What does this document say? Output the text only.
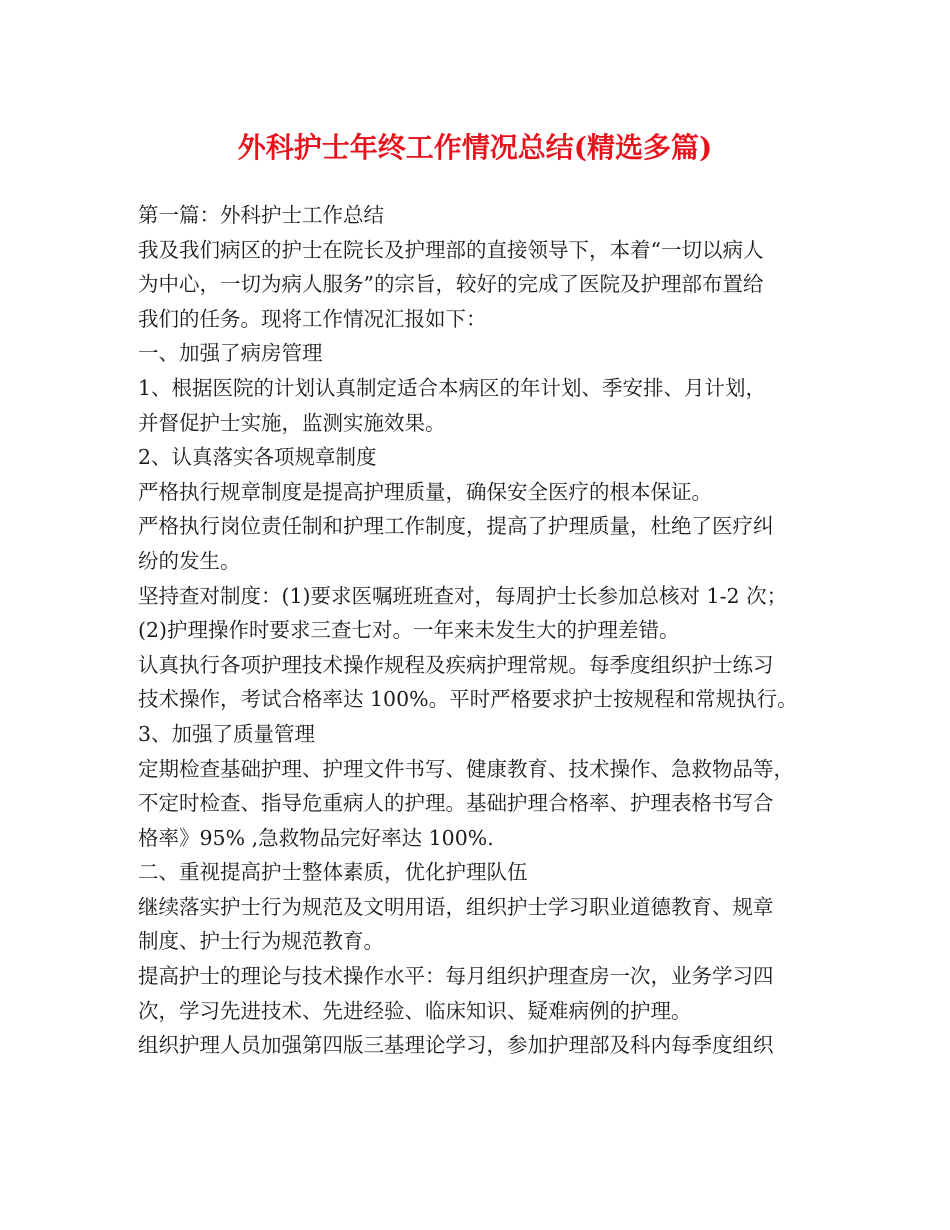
外科护士年终工作情况总结(精选多篇)

第一篇：外科护士工作总结

我及我们病区的护士在院长及护理部的直接领导下，本着“一切以病人

为中心，一切为病人服务”的宗旨，较好的完成了医院及护理部布置给

我们的任务。现将工作情况汇报如下：

一、加强了病房管理

1、根据医院的计划认真制定适合本病区的年计划、季安排、月计划，

并督促护士实施，监测实施效果。

2、认真落实各项规章制度

严格执行规章制度是提高护理质量，确保安全医疗的根本保证。

严格执行岗位责任制和护理工作制度，提高了护理质量，杜绝了医疗纠

纷的发生。

坚持查对制度：(1)要求医嘱班班查对，每周护士长参加总核对 1-2 次；

(2)护理操作时要求三查七对。一年来未发生大的护理差错。

认真执行各项护理技术操作规程及疾病护理常规。每季度组织护士练习

技术操作，考试合格率达 100%。平时严格要求护士按规程和常规执行。

3、加强了质量管理

定期检查基础护理、护理文件书写、健康教育、技术操作、急救物品等，

不定时检查、指导危重病人的护理。基础护理合格率、护理表格书写合

格率》95% ,急救物品完好率达 100%.

二、重视提高护士整体素质，优化护理队伍

继续落实护士行为规范及文明用语，组织护士学习职业道德教育、规章

制度、护士行为规范教育。

提高护士的理论与技术操作水平：每月组织护理查房一次，业务学习四

次，学习先进技术、先进经验、临床知识、疑难病例的护理。

组织护理人员加强第四版三基理论学习，参加护理部及科内每季度组织
